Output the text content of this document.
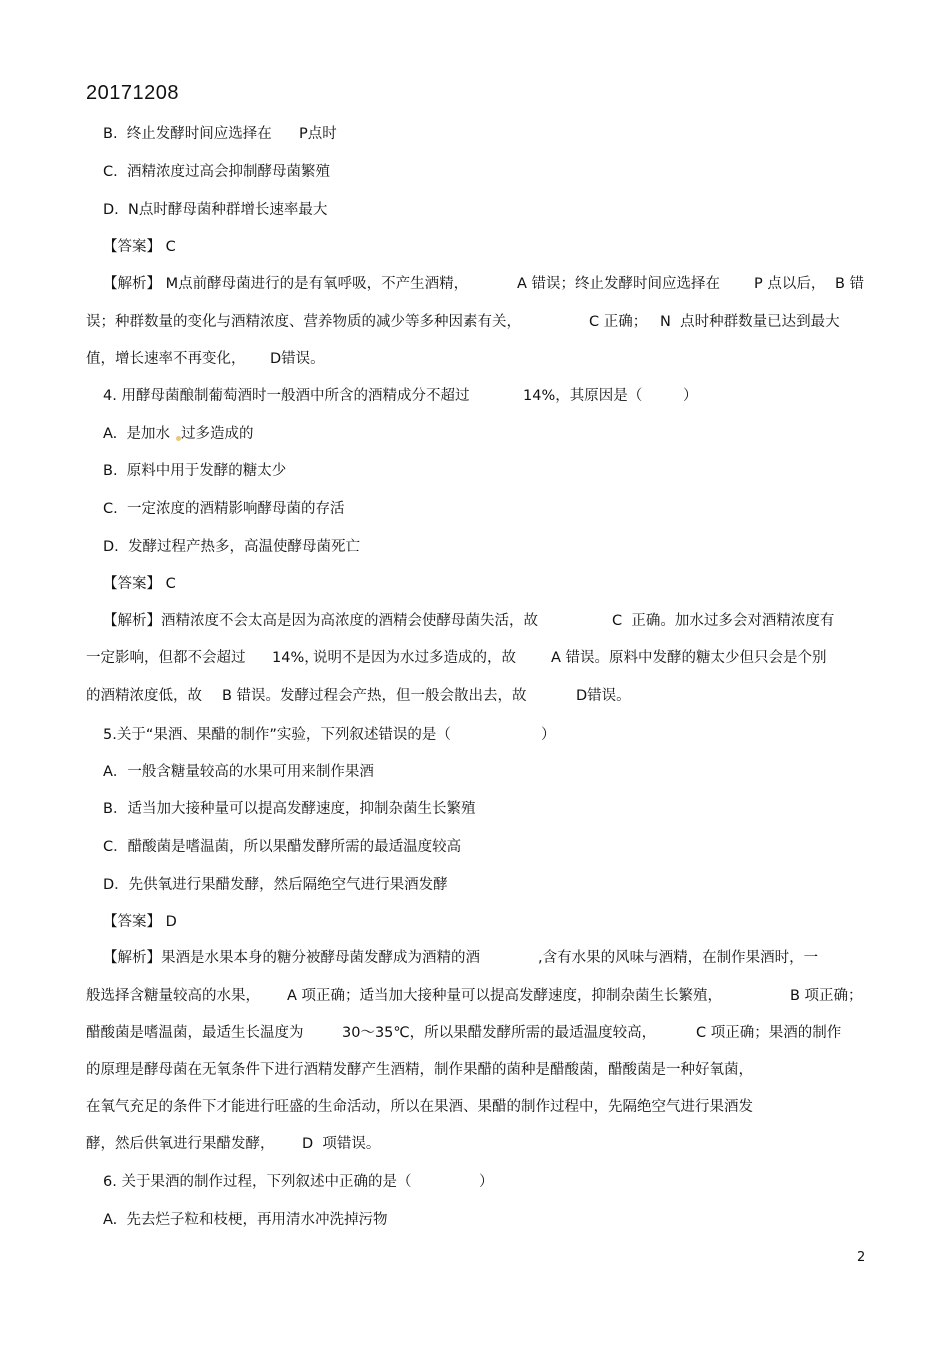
20171208
B.  终止发酵时间应选择在 P点时
C.  酒精浓度过高会抑制酵母菌繁殖
D.  N点时酵母菌种群增长速率最大
【答案】 C
【解析】 M点前酵母菌进行的是有氧呼吸，不产生酒精，	A 错误；终止发酵时间应选择在 P 点以后， B 错
误；种群数量的变化与酒精浓度、营养物质的减少等多种因素有关，	C 正确； N  点时种群数量已达到最大
值，增长速率不再变化， D错误。
4. 用酵母菌酿制葡萄酒时一般酒中所含的酒精成分不超过	14%，其原因是（	）
A.  是加水 过多造成的
B.  原料中用于发酵的糖太少
C.  一定浓度的酒精影响酵母菌的存活
D.  发酵过程产热多，高温使酵母菌死亡
【答案】 C
【解析】酒精浓度不会太高是因为高浓度的酒精会使酵母菌失活，故	C  正确。加水过多会对酒精浓度有
一定影响，但都不会超过 14%，
说明不是因为水过多造成的，故 A 错误。原料中发酵的糖太少但只会是个别
的酒精浓度低，故 B 错误。发酵过程会产热，但一般会散出去，故	D错误。
5.关于“果酒、果醋的制作”实验，下列叙述错误的是（	）
A．一般含糖量较高的水果可用来制作果酒
B．适当加大接种量可以提高发酵速度，抑制杂菌生长繁殖
C．醋酸菌是嗜温菌，所以果醋发酵所需的最适温度较高
D．先供氧进行果醋发酵，然后隔绝空气进行果酒发酵
【答案】 D
【解析】果酒是水果本身的糖分被酵母菌发酵成为酒精的酒	,含有水果的风味与酒精，在制作果酒时，一
般选择含糖量较高的水果， A 项正确；适当加大接种量可以提高发酵速度，抑制杂菌生长繁殖，	B 项正确；
醋酸菌是嗜温菌，最适生长温度为	30～35℃，所以果醋发酵所需的最适温度较高，	C 项正确；果酒的制作
的原理是酵母菌在无氧条件下进行酒精发酵产生酒精，制作果醋的菌种是醋酸菌，醋酸菌是一种好氧菌，
在氧气充足的条件下才能进行旺盛的生命活动，所以在果酒、果醋的制作过程中，先隔绝空气进行果酒发
酵，然后供氧进行果醋发酵， D  项错误。
6. 关于果酒的制作过程，下列叙述中正确的是（	）
A.  先去烂子粒和枝梗，再用清水冲洗掉污物
2
